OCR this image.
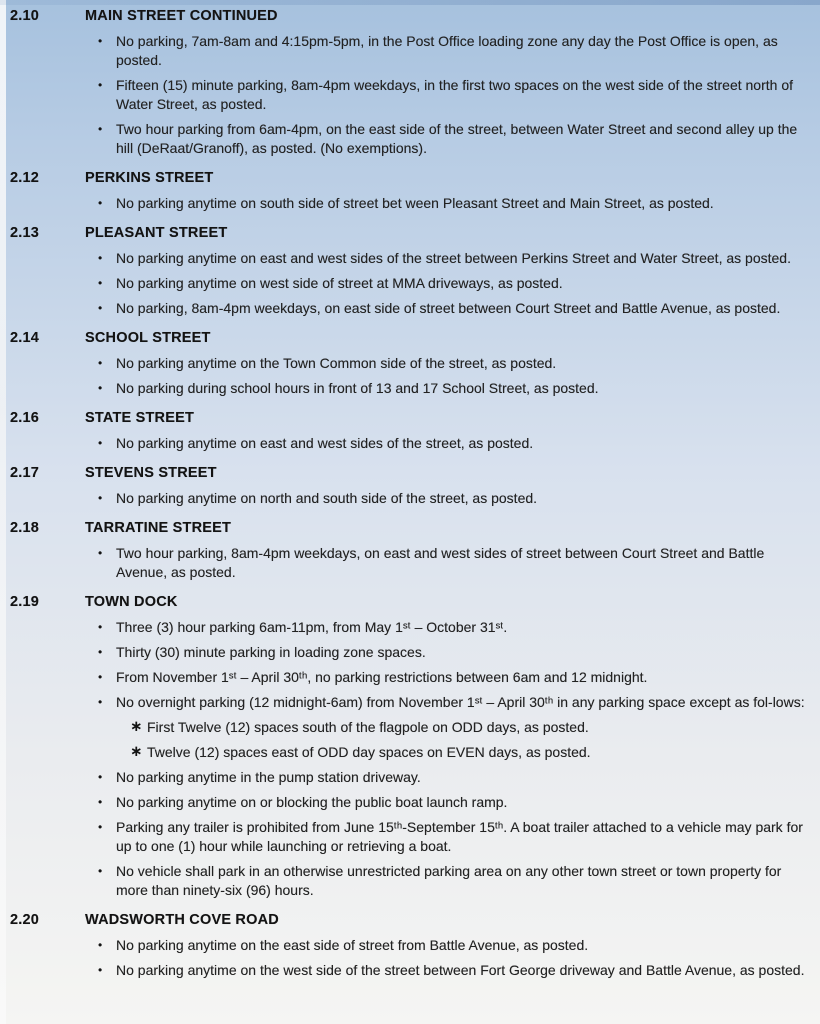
2.10	MAIN STREET CONTINUED
• No parking, 7am-8am and 4:15pm-5pm, in the Post Office loading zone any day the Post Office is open, as posted.
• Fifteen (15) minute parking, 8am-4pm weekdays, in the first two spaces on the west side of the street north of Water Street, as posted.
• Two hour parking from 6am-4pm, on the east side of the street, between Water Street and second alley up the hill (DeRaat/Granoff), as posted. (No exemptions).
2.12	PERKINS STREET
• No parking anytime on south side of street bet ween Pleasant Street and Main Street, as posted.
2.13	PLEASANT STREET
• No parking anytime on east and west sides of the street between Perkins Street and Water Street, as posted.
• No parking anytime on west side of street at MMA driveways, as posted.
• No parking, 8am-4pm weekdays, on east side of street between Court Street and Battle Avenue, as posted.
2.14	SCHOOL STREET
• No parking anytime on the Town Common side of the street, as posted.
• No parking during school hours in front of 13 and 17 School Street, as posted.
2.16	STATE STREET
• No parking anytime on east and west sides of the street, as posted.
2.17	STEVENS STREET
• No parking anytime on north and south side of the street, as posted.
2.18	TARRATINE STREET
• Two hour parking, 8am-4pm weekdays, on east and west sides of street between Court Street and Battle Avenue, as posted.
2.19	TOWN DOCK
• Three (3) hour parking 6am-11pm, from May 1ˢᵗ – October 31ˢᵗ.
• Thirty (30) minute parking in loading zone spaces.
• From November 1ˢᵗ – April 30ᵗʰ, no parking restrictions between 6am and 12 midnight.
• No overnight parking (12 midnight-6am) from November 1ˢᵗ – April 30ᵗʰ in any parking space except as fol-lows:
∗ First Twelve (12) spaces south of the flagpole on ODD days, as posted.
∗ Twelve (12) spaces east of ODD day spaces on EVEN days, as posted.
• No parking anytime in the pump station driveway.
• No parking anytime on or blocking the public boat launch ramp.
• Parking any trailer is prohibited from June 15ᵗʰ-September 15ᵗʰ. A boat trailer attached to a vehicle may park for up to one (1) hour while launching or retrieving a boat.
• No vehicle shall park in an otherwise unrestricted parking area on any other town street or town property for more than ninety-six (96) hours.
2.20	WADSWORTH COVE ROAD
• No parking anytime on the east side of street from Battle Avenue, as posted.
• No parking anytime on the west side of the street between Fort George driveway and Battle Avenue, as posted.
